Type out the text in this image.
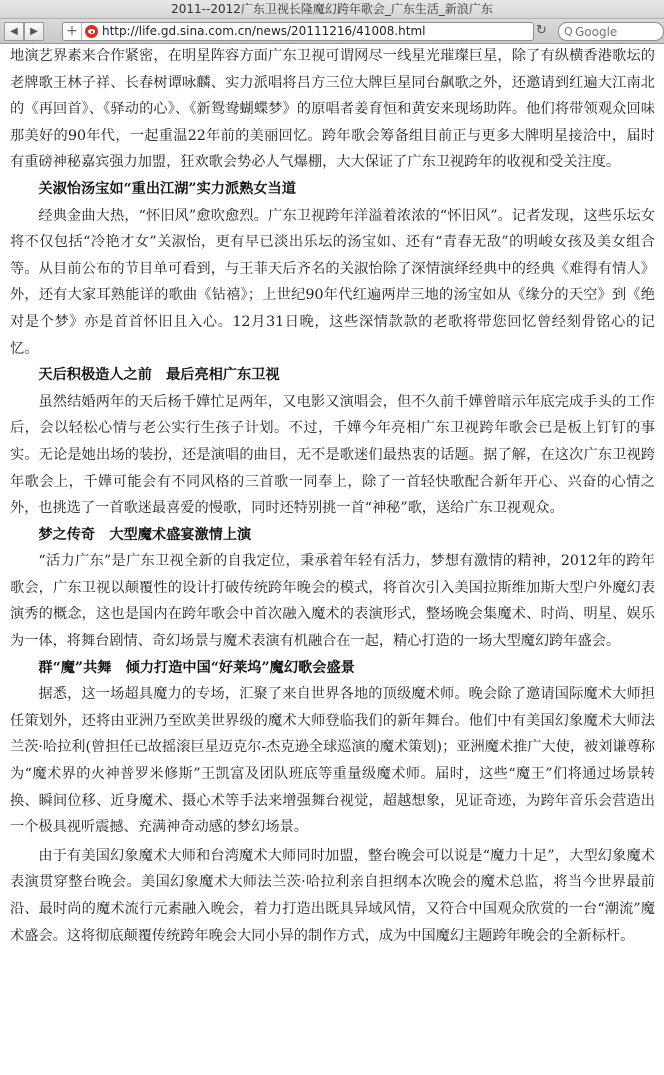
2011--2012广东卫视长隆魔幻跨年歌会_广东生活_新浪广东
◀	▶	+	http://life.gd.sina.com.cn/news/20111216/41008.html	↻ Q
Google

地演艺界素来合作紧密，在明星阵容方面广东卫视可谓网尽一线星光璀璨巨星，除了有纵横香港歌坛的老牌歌王林子祥、长春树谭咏麟、实力派唱将吕方三位大牌巨星同台飙歌之外，还邀请到红遍大江南北的《再回首》、《驿动的心》、《新鸳鸯蝴蝶梦》的原唱者姜育恒和黄安来现场助阵。他们将带领观众回味那美好的90年代，一起重温22年前的美丽回忆。跨年歌会筹备组目前正与更多大牌明星接洽中，届时有重磅神秘嘉宾强力加盟，狂欢歌会势必人气爆棚，大大保证了广东卫视跨年的收视和受关注度。

关淑怡汤宝如“重出江湖”实力派熟女当道

经典金曲大热，“怀旧风”愈吹愈烈。广东卫视跨年洋溢着浓浓的“怀旧风”。记者发现，这些乐坛女将不仅包括“冷艳才女”关淑怡，更有早已淡出乐坛的汤宝如、还有“青春无敌”的明峻女孩及美女组合等。从目前公布的节目单可看到，与王菲天后齐名的关淑怡除了深情演绎经典中的经典《难得有情人》外，还有大家耳熟能详的歌曲《钻禧》；上世纪90年代红遍两岸三地的汤宝如从《缘分的天空》到《绝对是个梦》亦是首首怀旧且入心。12月31日晚，这些深情款款的老歌将带您回忆曾经刻骨铭心的记忆。

天后积极造人之前　最后亮相广东卫视

虽然结婚两年的天后杨千嬅忙足两年，又电影又演唱会，但不久前千嬅曾暗示年底完成手头的工作后，会以轻松心情与老公实行生孩子计划。不过，千嬅今年亮相广东卫视跨年歌会已是板上钉钉的事实。无论是她出场的装扮，还是演唱的曲目，无不是歌迷们最热衷的话题。据了解，在这次广东卫视跨年歌会上，千嬅可能会有不同风格的三首歌一同奉上，除了一首轻快歌配合新年开心、兴奋的心情之外，也挑选了一首歌迷最喜爱的慢歌，同时还特别挑一首“神秘”歌，送给广东卫视观众。

梦之传奇　大型魔术盛宴激情上演

“活力广东”是广东卫视全新的自我定位，秉承着年轻有活力，梦想有激情的精神，2012年的跨年歌会，广东卫视以颠覆性的设计打破传统跨年晚会的模式，将首次引入美国拉斯维加斯大型户外魔幻表演秀的概念，这也是国内在跨年歌会中首次融入魔术的表演形式，整场晚会集魔术、时尚、明星、娱乐为一体，将舞台剧情、奇幻场景与魔术表演有机融合在一起，精心打造的一场大型魔幻跨年盛会。

群“魔”共舞　倾力打造中国“好莱坞”魔幻歌会盛景

据悉，这一场超具魔力的专场，汇聚了来自世界各地的顶级魔术师。晚会除了邀请国际魔术大师担任策划外，还将由亚洲乃至欧美世界级的魔术大师登临我们的新年舞台。他们中有美国幻象魔术大师法兰茨·哈拉利(曾担任已故摇滚巨星迈克尔-杰克逊全球巡演的魔术策划)；亚洲魔术推广大使，被刘谦尊称为“魔术界的火神普罗米修斯”王凯富及团队班底等重量级魔术师。届时，这些“魔王”们将通过场景转换、瞬间位移、近身魔术、摄心术等手法来增强舞台视觉，超越想象，见证奇迹，为跨年音乐会营造出一个极具视听震撼、充满神奇动感的梦幻场景。

由于有美国幻象魔术大师和台湾魔术大师同时加盟，整台晚会可以说是“魔力十足”，大型幻象魔术表演贯穿整台晚会。美国幻象魔术大师法兰茨·哈拉利亲自担纲本次晚会的魔术总监，将当今世界最前沿、最时尚的魔术流行元素融入晚会，着力打造出既具异域风情，又符合中国观众欣赏的一台“潮流”魔术盛会。这将彻底颠覆传统跨年晚会大同小异的制作方式，成为中国魔幻主题跨年晚会的全新标杆。
